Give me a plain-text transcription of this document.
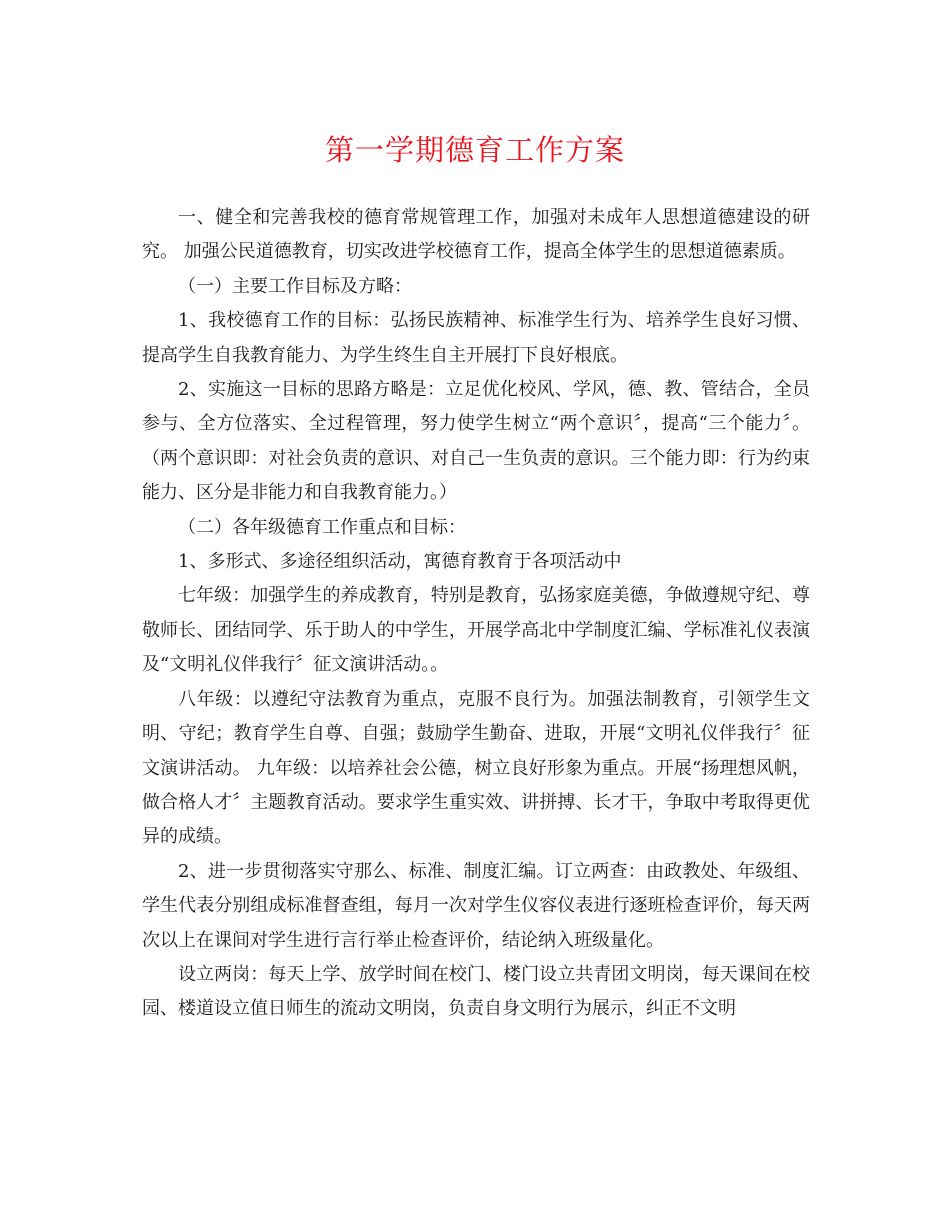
第一学期德育工作方案

一、健全和完善我校的德育常规管理工作，加强对未成年人思想道德建设的研究。 加强公民道德教育，切实改进学校德育工作，提高全体学生的思想道德素质。

（一）主要工作目标及方略：

1、我校德育工作的目标：弘扬民族精神、标准学生行为、培养学生良好习惯、提高学生自我教育能力、为学生终生自主开展打下良好根底。

2、实施这一目标的思路方略是：立足优化校风、学风，德、教、管结合，全员参与、全方位落实、全过程管理，努力使学生树立“两个意识〞，提高“三个能力〞。（两个意识即：对社会负责的意识、对自己一生负责的意识。三个能力即：行为约束能力、区分是非能力和自我教育能力。）

（二）各年级德育工作重点和目标：

1、多形式、多途径组织活动，寓德育教育于各项活动中

七年级：加强学生的养成教育，特别是教育，弘扬家庭美德，争做遵规守纪、尊敬师长、团结同学、乐于助人的中学生，开展学高北中学制度汇编、学标准礼仪表演及“文明礼仪伴我行〞征文演讲活动。。

八年级：以遵纪守法教育为重点，克服不良行为。加强法制教育，引领学生文明、守纪；教育学生自尊、自强；鼓励学生勤奋、进取，开展“文明礼仪伴我行〞征文演讲活动。 九年级：以培养社会公德，树立良好形象为重点。开展“扬理想风帆，做合格人才〞主题教育活动。要求学生重实效、讲拼搏、长才干，争取中考取得更优异的成绩。

2、进一步贯彻落实守那么、标准、制度汇编。订立两查：由政教处、年级组、学生代表分别组成标准督查组，每月一次对学生仪容仪表进行逐班检查评价，每天两次以上在课间对学生进行言行举止检查评价，结论纳入班级量化。

设立两岗：每天上学、放学时间在校门、楼门设立共青团文明岗，每天课间在校园、楼道设立值日师生的流动文明岗，负责自身文明行为展示，纠正不文明
